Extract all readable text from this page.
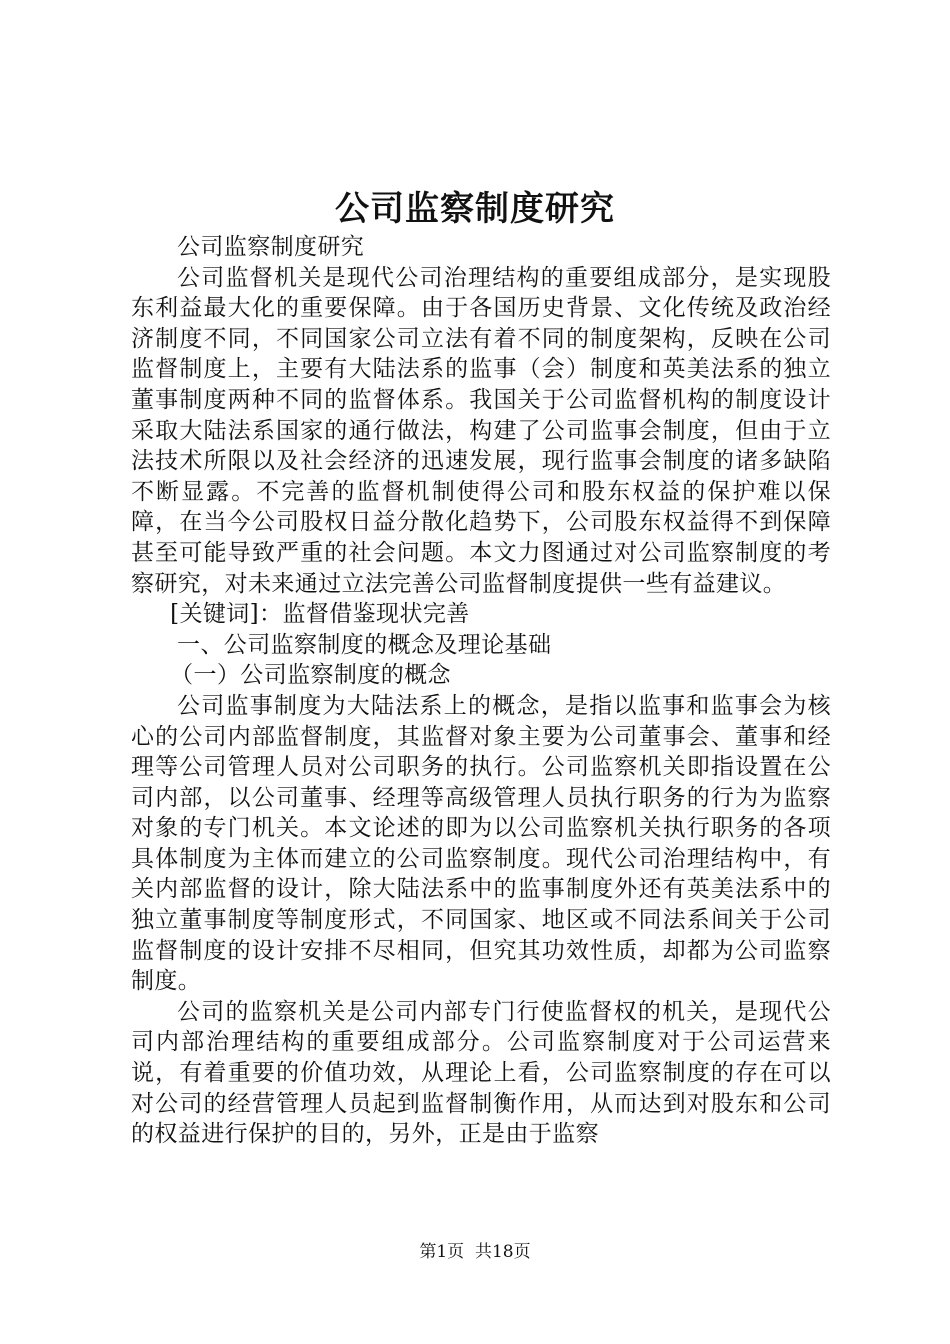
公司监察制度研究

公司监察制度研究

公司监督机关是现代公司治理结构的重要组成部分，是实现股东利益最大化的重要保障。由于各国历史背景、文化传统及政治经济制度不同，不同国家公司立法有着不同的制度架构，反映在公司监督制度上，主要有大陆法系的监事（会）制度和英美法系的独立董事制度两种不同的监督体系。我国关于公司监督机构的制度设计采取大陆法系国家的通行做法，构建了公司监事会制度，但由于立法技术所限以及社会经济的迅速发展，现行监事会制度的诸多缺陷不断显露。不完善的监督机制使得公司和股东权益的保护难以保障，在当今公司股权日益分散化趋势下，公司股东权益得不到保障甚至可能导致严重的社会问题。本文力图通过对公司监察制度的考察研究，对未来通过立法完善公司监督制度提供一些有益建议。

[关键词]：监督借鉴现状完善

一、公司监察制度的概念及理论基础

（一）公司监察制度的概念

公司监事制度为大陆法系上的概念，是指以监事和监事会为核心的公司内部监督制度，其监督对象主要为公司董事会、董事和经理等公司管理人员对公司职务的执行。公司监察机关即指设置在公司内部，以公司董事、经理等高级管理人员执行职务的行为为监察对象的专门机关。本文论述的即为以公司监察机关执行职务的各项具体制度为主体而建立的公司监察制度。现代公司治理结构中，有关内部监督的设计，除大陆法系中的监事制度外还有英美法系中的独立董事制度等制度形式，不同国家、地区或不同法系间关于公司监督制度的设计安排不尽相同，但究其功效性质，却都为公司监察制度。

公司的监察机关是公司内部专门行使监督权的机关，是现代公司内部治理结构的重要组成部分。公司监察制度对于公司运营来说，有着重要的价值功效，从理论上看，公司监察制度的存在可以对公司的经营管理人员起到监督制衡作用，从而达到对股东和公司的权益进行保护的目的，另外，正是由于监察

第1页  共18页
